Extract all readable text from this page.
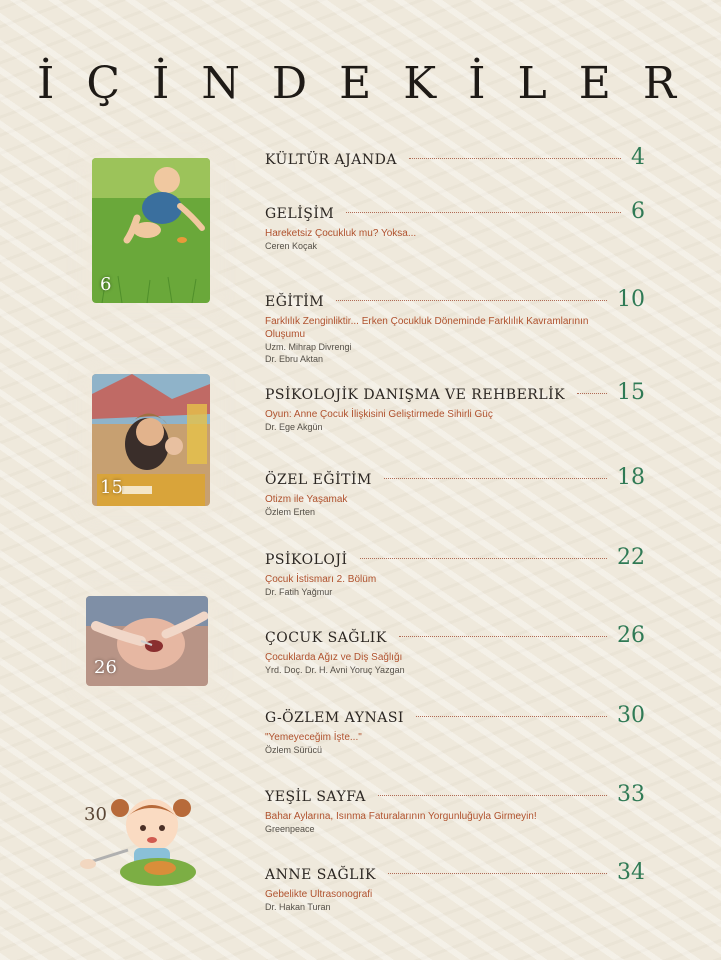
İÇİNDEKİLER
6
15
26
30
KÜLTÜR AJANDA	4
GELİŞİM	6
Hareketsiz Çocukluk mu? Yoksa...
Ceren Koçak
EĞİTİM	10
Farklılık Zenginliktir... Erken Çocukluk Döneminde Farklılık Kavramlarının Oluşumu
Uzm. Mihrap Divrengi
Dr. Ebru Aktan
PSİKOLOJİK DANIŞMA VE REHBERLİK 15
Oyun: Anne Çocuk İlişkisini Geliştirmede Sihirli Güç
Dr. Ege Akgün
ÖZEL EĞİTİM	18
Otizm ile Yaşamak
Özlem Erten
PSİKOLOJİ	22
Çocuk İstismarı 2. Bölüm
Dr. Fatih Yağmur
ÇOCUK SAĞLIK	26
Çocuklarda Ağız ve Diş Sağlığı
Yrd. Doç. Dr. H. Avni Yoruç Yazgan
G-ÖZLEM AYNASI	30
"Yemeyeceğim İşte..."
Özlem Sürücü
YEŞİL SAYFA	33
Bahar Aylarına, Isınma Faturalarının Yorgunluğuyla Girmeyin!
Greenpeace
ANNE SAĞLIK	34
Gebelikte Ultrasonografi
Dr. Hakan Turan
